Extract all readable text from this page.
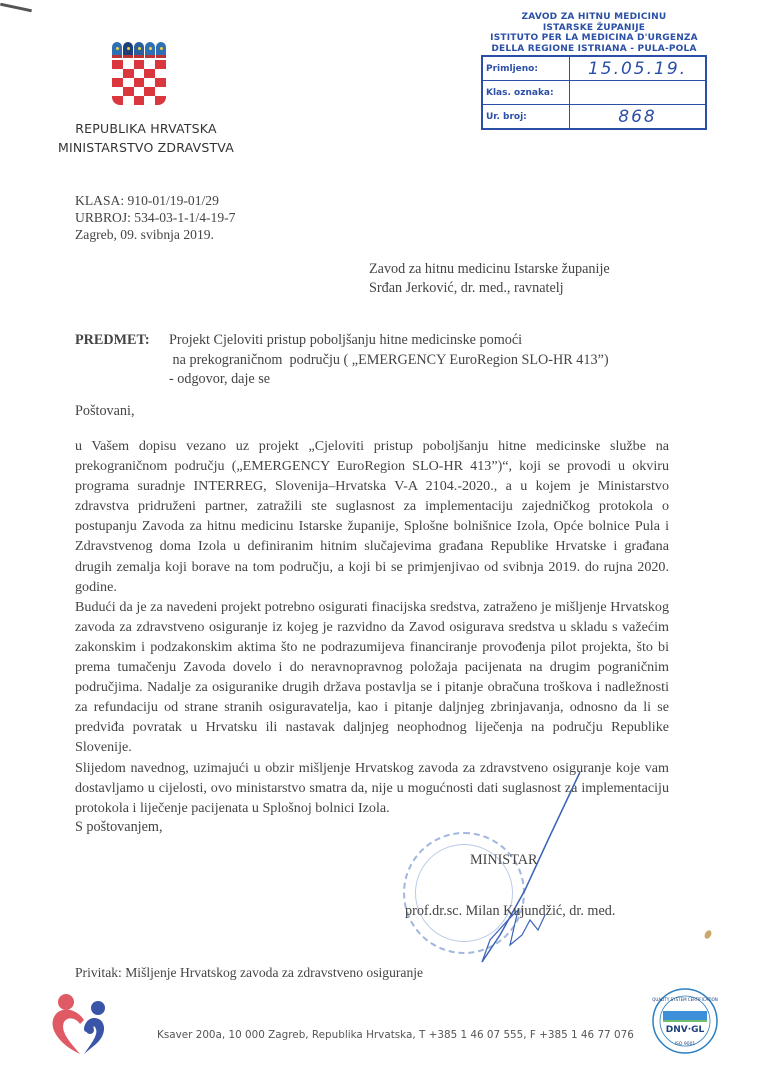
REPUBLIKA HRVATSKA
MINISTARSTVO ZDRAVSTVA
KLASA: 910-01/19-01/29
URBROJ: 534-03-1-1/4-19-7
Zagreb, 09. svibnja 2019.
ZAVOD ZA HITNU MEDICINU
ISTARSKE ŽUPANIJE
ISTITUTO PER LA MEDICINA D'URGENZA
DELLA REGIONE ISTRIANA - PULA-POLA
Primljeno:	15.05.19.
Klas. oznaka:	
Ur. broj:	868
Zavod za hitnu medicinu Istarske županije
Srđan Jerković, dr. med., ravnatelj
PREDMET: Projekt Cjeloviti pristup poboljšanju hitne medicinske pomoći
na prekograničnom  području ( „EMERGENCY EuroRegion SLO-HR 413”)
- odgovor, daje se
Poštovani,

u Vašem dopisu vezano uz projekt „Cjeloviti pristup poboljšanju hitne medicinske službe na prekograničnom području („EMERGENCY EuroRegion SLO-HR 413”)“, koji se provodi u okviru programa suradnje INTERREG, Slovenija–Hrvatska V-A 2104.-2020., a u kojem je Ministarstvo zdravstva pridruženi partner, zatražili ste suglasnost za implementaciju zajedničkog protokola o postupanju Zavoda za hitnu medicinu Istarske županije, Splošne bolnišnice Izola, Opće bolnice Pula i Zdravstvenog doma Izola u definiranim hitnim slučajevima građana Republike Hrvatske i građana drugih zemalja koji borave na tom području, a koji bi se primjenjivao od svibnja 2019. do rujna 2020. godine.

Budući da je za navedeni projekt potrebno osigurati finacijska sredstva, zatraženo je mišljenje Hrvatskog zavoda za zdravstveno osiguranje iz kojeg je razvidno da Zavod osigurava sredstva u skladu s važećim zakonskim i podzakonskim aktima što ne podrazumijeva financiranje provođenja pilot projekta, što bi prema tumačenju Zavoda dovelo i do neravnopravnog položaja pacijenata na drugim pograničnim područjima. Nadalje za osiguranike drugih država postavlja se i pitanje obračuna troškova i nadležnosti za refundaciju od strane stranih osiguravatelja, kao i pitanje daljnjeg zbrinjavanja, odnosno da li se predviđa povratak u Hrvatsku ili nastavak daljnjeg neophodnog liječenja na području Republike Slovenije.

Slijedom navednog, uzimajući u obzir mišljenje Hrvatskog zavoda za zdravstveno osiguranje koje vam dostavljamo u cijelosti, ovo ministarstvo smatra da, nije u mogućnosti dati suglasnost za implementaciju protokola i liječenje pacijenata u Splošnoj bolnici Izola.

S poštovanjem,
MINISTAR
prof.dr.sc. Milan Kujundžić, dr. med.
Privitak: Mišljenje Hrvatskog zavoda za zdravstveno osiguranje
Ksaver 200a, 10 000 Zagreb, Republika Hrvatska, T +385 1 46 07 555, F +385 1 46 77 076	DNV·GL
ISO 9001
QUALITY SYSTEM CERTIFICATION
